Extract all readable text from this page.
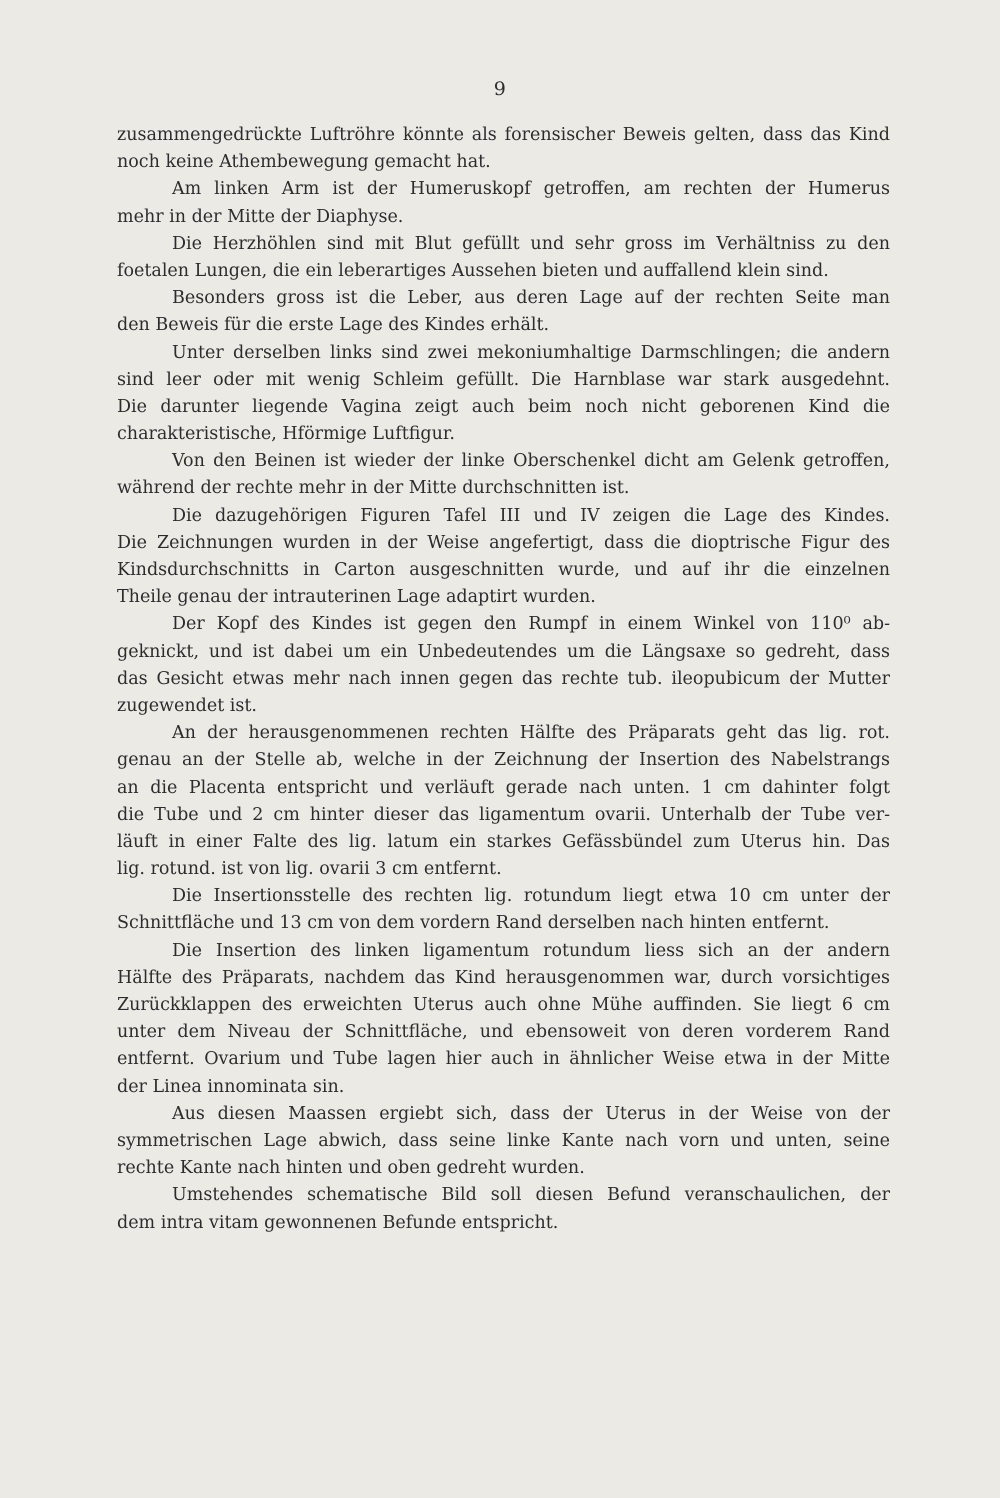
9
zusammengedrückte Luftröhre könnte als forensischer Beweis gelten, dass das Kind
noch keine Athembewegung gemacht hat.
Am linken Arm ist der Humeruskopf getroffen, am rechten der Humerus
mehr in der Mitte der Diaphyse.
Die Herzhöhlen sind mit Blut gefüllt und sehr gross im Verhältniss zu den
foetalen Lungen, die ein leberartiges Aussehen bieten und auffallend klein sind.
Besonders gross ist die Leber, aus deren Lage auf der rechten Seite man
den Beweis für die erste Lage des Kindes erhält.
Unter derselben links sind zwei mekoniumhaltige Darmschlingen; die andern
sind leer oder mit wenig Schleim gefüllt. Die Harnblase war stark ausgedehnt.
Die darunter liegende Vagina zeigt auch beim noch nicht geborenen Kind die
charakteristische, Hförmige Luftfigur.
Von den Beinen ist wieder der linke Oberschenkel dicht am Gelenk getroffen,
während der rechte mehr in der Mitte durchschnitten ist.
Die dazugehörigen Figuren Tafel III und IV zeigen die Lage des Kindes.
Die Zeichnungen wurden in der Weise angefertigt, dass die dioptrische Figur des
Kindsdurchschnitts in Carton ausgeschnitten wurde, und auf ihr die einzelnen
Theile genau der intrauterinen Lage adaptirt wurden.
Der Kopf des Kindes ist gegen den Rumpf in einem Winkel von 110⁰ ab-
geknickt, und ist dabei um ein Unbedeutendes um die Längsaxe so gedreht, dass
das Gesicht etwas mehr nach innen gegen das rechte tub. ileopubicum der Mutter
zugewendet ist.
An der herausgenommenen rechten Hälfte des Präparats geht das lig. rot.
genau an der Stelle ab, welche in der Zeichnung der Insertion des Nabelstrangs
an die Placenta entspricht und verläuft gerade nach unten. 1 cm dahinter folgt
die Tube und 2 cm hinter dieser das ligamentum ovarii. Unterhalb der Tube ver-
läuft in einer Falte des lig. latum ein starkes Gefässbündel zum Uterus hin. Das
lig. rotund. ist von lig. ovarii 3 cm entfernt.
Die Insertionsstelle des rechten lig. rotundum liegt etwa 10 cm unter der
Schnittfläche und 13 cm von dem vordern Rand derselben nach hinten entfernt.
Die Insertion des linken ligamentum rotundum liess sich an der andern
Hälfte des Präparats, nachdem das Kind herausgenommen war, durch vorsichtiges
Zurückklappen des erweichten Uterus auch ohne Mühe auffinden. Sie liegt 6 cm
unter dem Niveau der Schnittfläche, und ebensoweit von deren vorderem Rand
entfernt. Ovarium und Tube lagen hier auch in ähnlicher Weise etwa in der Mitte
der Linea innominata sin.
Aus diesen Maassen ergiebt sich, dass der Uterus in der Weise von der
symmetrischen Lage abwich, dass seine linke Kante nach vorn und unten, seine
rechte Kante nach hinten und oben gedreht wurden.
Umstehendes schematische Bild soll diesen Befund veranschaulichen, der
dem intra vitam gewonnenen Befunde entspricht.
